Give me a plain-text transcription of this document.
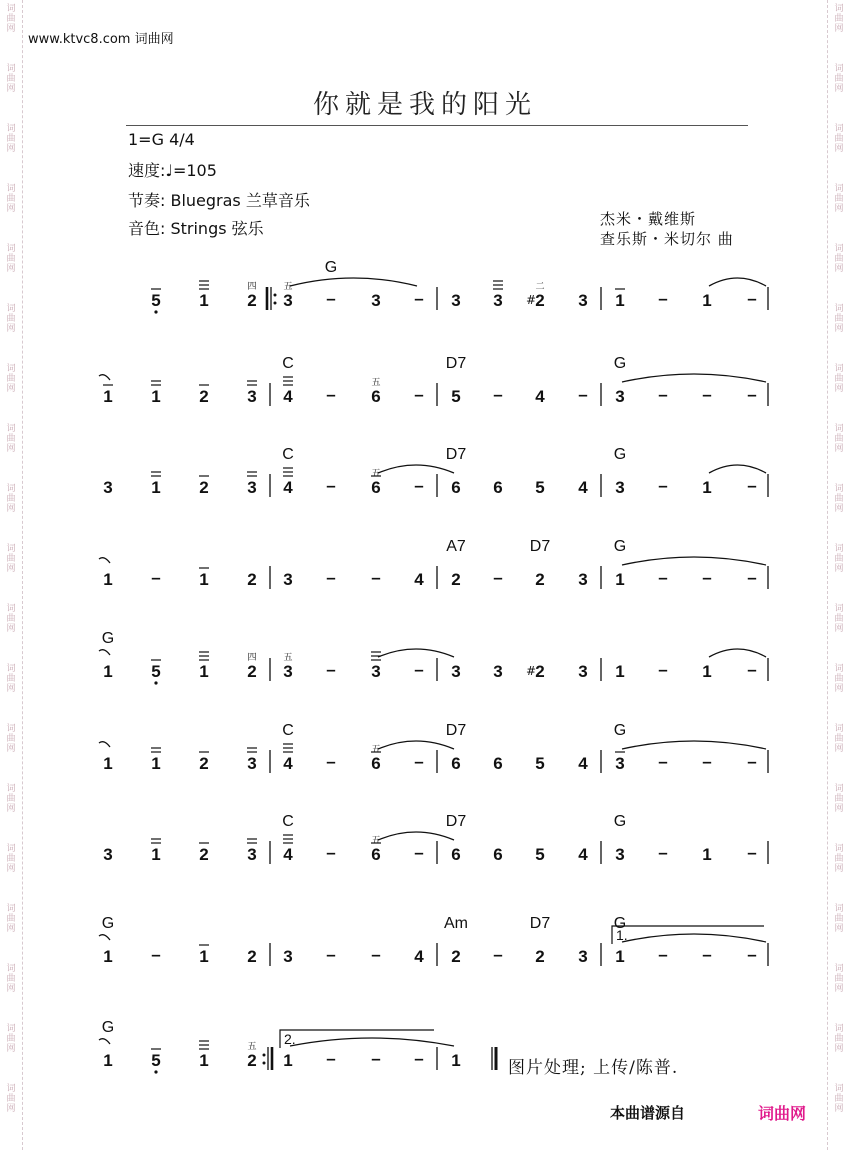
词
曲
网
词
曲
网
词
曲
网
词
曲
网
词
曲
网
词
曲
网
词
曲
网
词
曲
网
词
曲
网
词
曲
网
词
曲
网
词
曲
网
词
曲
网
词
曲
网
词
曲
网
词
曲
网
词
曲
网
词
曲
网
词
曲
网
词
曲
网
词
曲
网
词
曲
网
词
曲
网
词
曲
网
词
曲
网
词
曲
网
词
曲
网
词
曲
网
词
曲
网
词
曲
网
词
曲
网
词
曲
网
词
曲
网
词
曲
网
词
曲
网
词
曲
网
词
曲
网
词
曲
网
www.ktvc8.com 词曲网
你就是我的阳光
1=G 4/4
速度:♩=105
节奏: Bluegras 兰草音乐
音色: Strings 弦乐	杰米・戴维斯
查乐斯・米切尔 曲
G
5 1 2
四
3
五
– 3 – 3 3 2
二
# 3 1 – 1 –
C	D7	G
1 1 2 3 4 – 6
五
– 5 – 4 – 3 – – –
C	D7	G
3 1 2 3 4 – 6
五
– 6 6 5 4 3 – 1 –
A7	D7	G
1 – 1 2 3 – – 4 2 – 2 3 1 – – –
G
1 5 1 2
四
3
五
– 3 – 3 3 2
# 3 1 – 1 –
C	D7	G
1 1 2 3 4 – 6
五
– 6 6 5 4 3 – – –
C	D7	G
3 1 2 3 4 – 6
五
– 6 6 5 4 3 – 1 –
G	Am	D7	G
1.
1 – 1 2 3 – – 4 2 – 2 3 1 – – –
G
2.
1 5 1 2
五
1 – – – 1	图片处理; 上传/陈普.
本曲谱源自	词曲网
